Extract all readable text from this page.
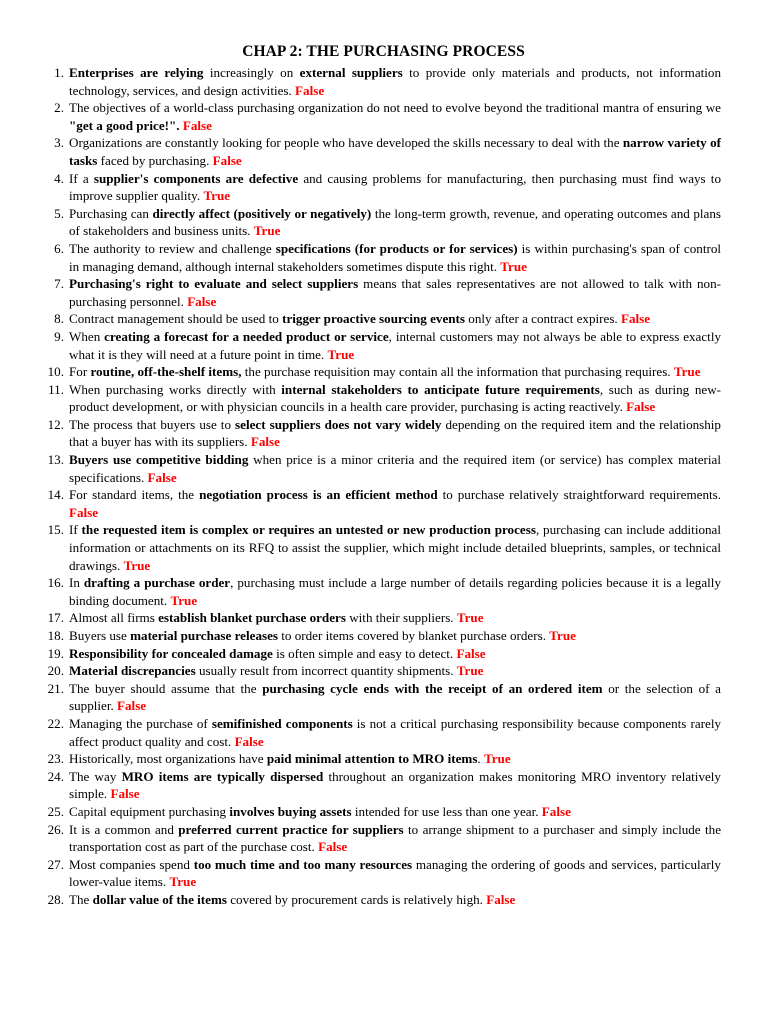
CHAP 2: THE PURCHASING PROCESS
1. Enterprises are relying increasingly on external suppliers to provide only materials and products, not information technology, services, and design activities. False
2. The objectives of a world-class purchasing organization do not need to evolve beyond the traditional mantra of ensuring we "get a good price!". False
3. Organizations are constantly looking for people who have developed the skills necessary to deal with the narrow variety of tasks faced by purchasing. False
4. If a supplier's components are defective and causing problems for manufacturing, then purchasing must find ways to improve supplier quality. True
5. Purchasing can directly affect (positively or negatively) the long-term growth, revenue, and operating outcomes and plans of stakeholders and business units. True
6. The authority to review and challenge specifications (for products or for services) is within purchasing's span of control in managing demand, although internal stakeholders sometimes dispute this right. True
7. Purchasing's right to evaluate and select suppliers means that sales representatives are not allowed to talk with non-purchasing personnel. False
8. Contract management should be used to trigger proactive sourcing events only after a contract expires. False
9. When creating a forecast for a needed product or service, internal customers may not always be able to express exactly what it is they will need at a future point in time. True
10. For routine, off-the-shelf items, the purchase requisition may contain all the information that purchasing requires. True
11. When purchasing works directly with internal stakeholders to anticipate future requirements, such as during new-product development, or with physician councils in a health care provider, purchasing is acting reactively. False
12. The process that buyers use to select suppliers does not vary widely depending on the required item and the relationship that a buyer has with its suppliers. False
13. Buyers use competitive bidding when price is a minor criteria and the required item (or service) has complex material specifications. False
14. For standard items, the negotiation process is an efficient method to purchase relatively straightforward requirements. False
15. If the requested item is complex or requires an untested or new production process, purchasing can include additional information or attachments on its RFQ to assist the supplier, which might include detailed blueprints, samples, or technical drawings. True
16. In drafting a purchase order, purchasing must include a large number of details regarding policies because it is a legally binding document. True
17. Almost all firms establish blanket purchase orders with their suppliers. True
18. Buyers use material purchase releases to order items covered by blanket purchase orders. True
19. Responsibility for concealed damage is often simple and easy to detect. False
20. Material discrepancies usually result from incorrect quantity shipments. True
21. The buyer should assume that the purchasing cycle ends with the receipt of an ordered item or the selection of a supplier. False
22. Managing the purchase of semifinished components is not a critical purchasing responsibility because components rarely affect product quality and cost. False
23. Historically, most organizations have paid minimal attention to MRO items. True
24. The way MRO items are typically dispersed throughout an organization makes monitoring MRO inventory relatively simple. False
25. Capital equipment purchasing involves buying assets intended for use less than one year. False
26. It is a common and preferred current practice for suppliers to arrange shipment to a purchaser and simply include the transportation cost as part of the purchase cost. False
27. Most companies spend too much time and too many resources managing the ordering of goods and services, particularly lower-value items. True
28. The dollar value of the items covered by procurement cards is relatively high. False
